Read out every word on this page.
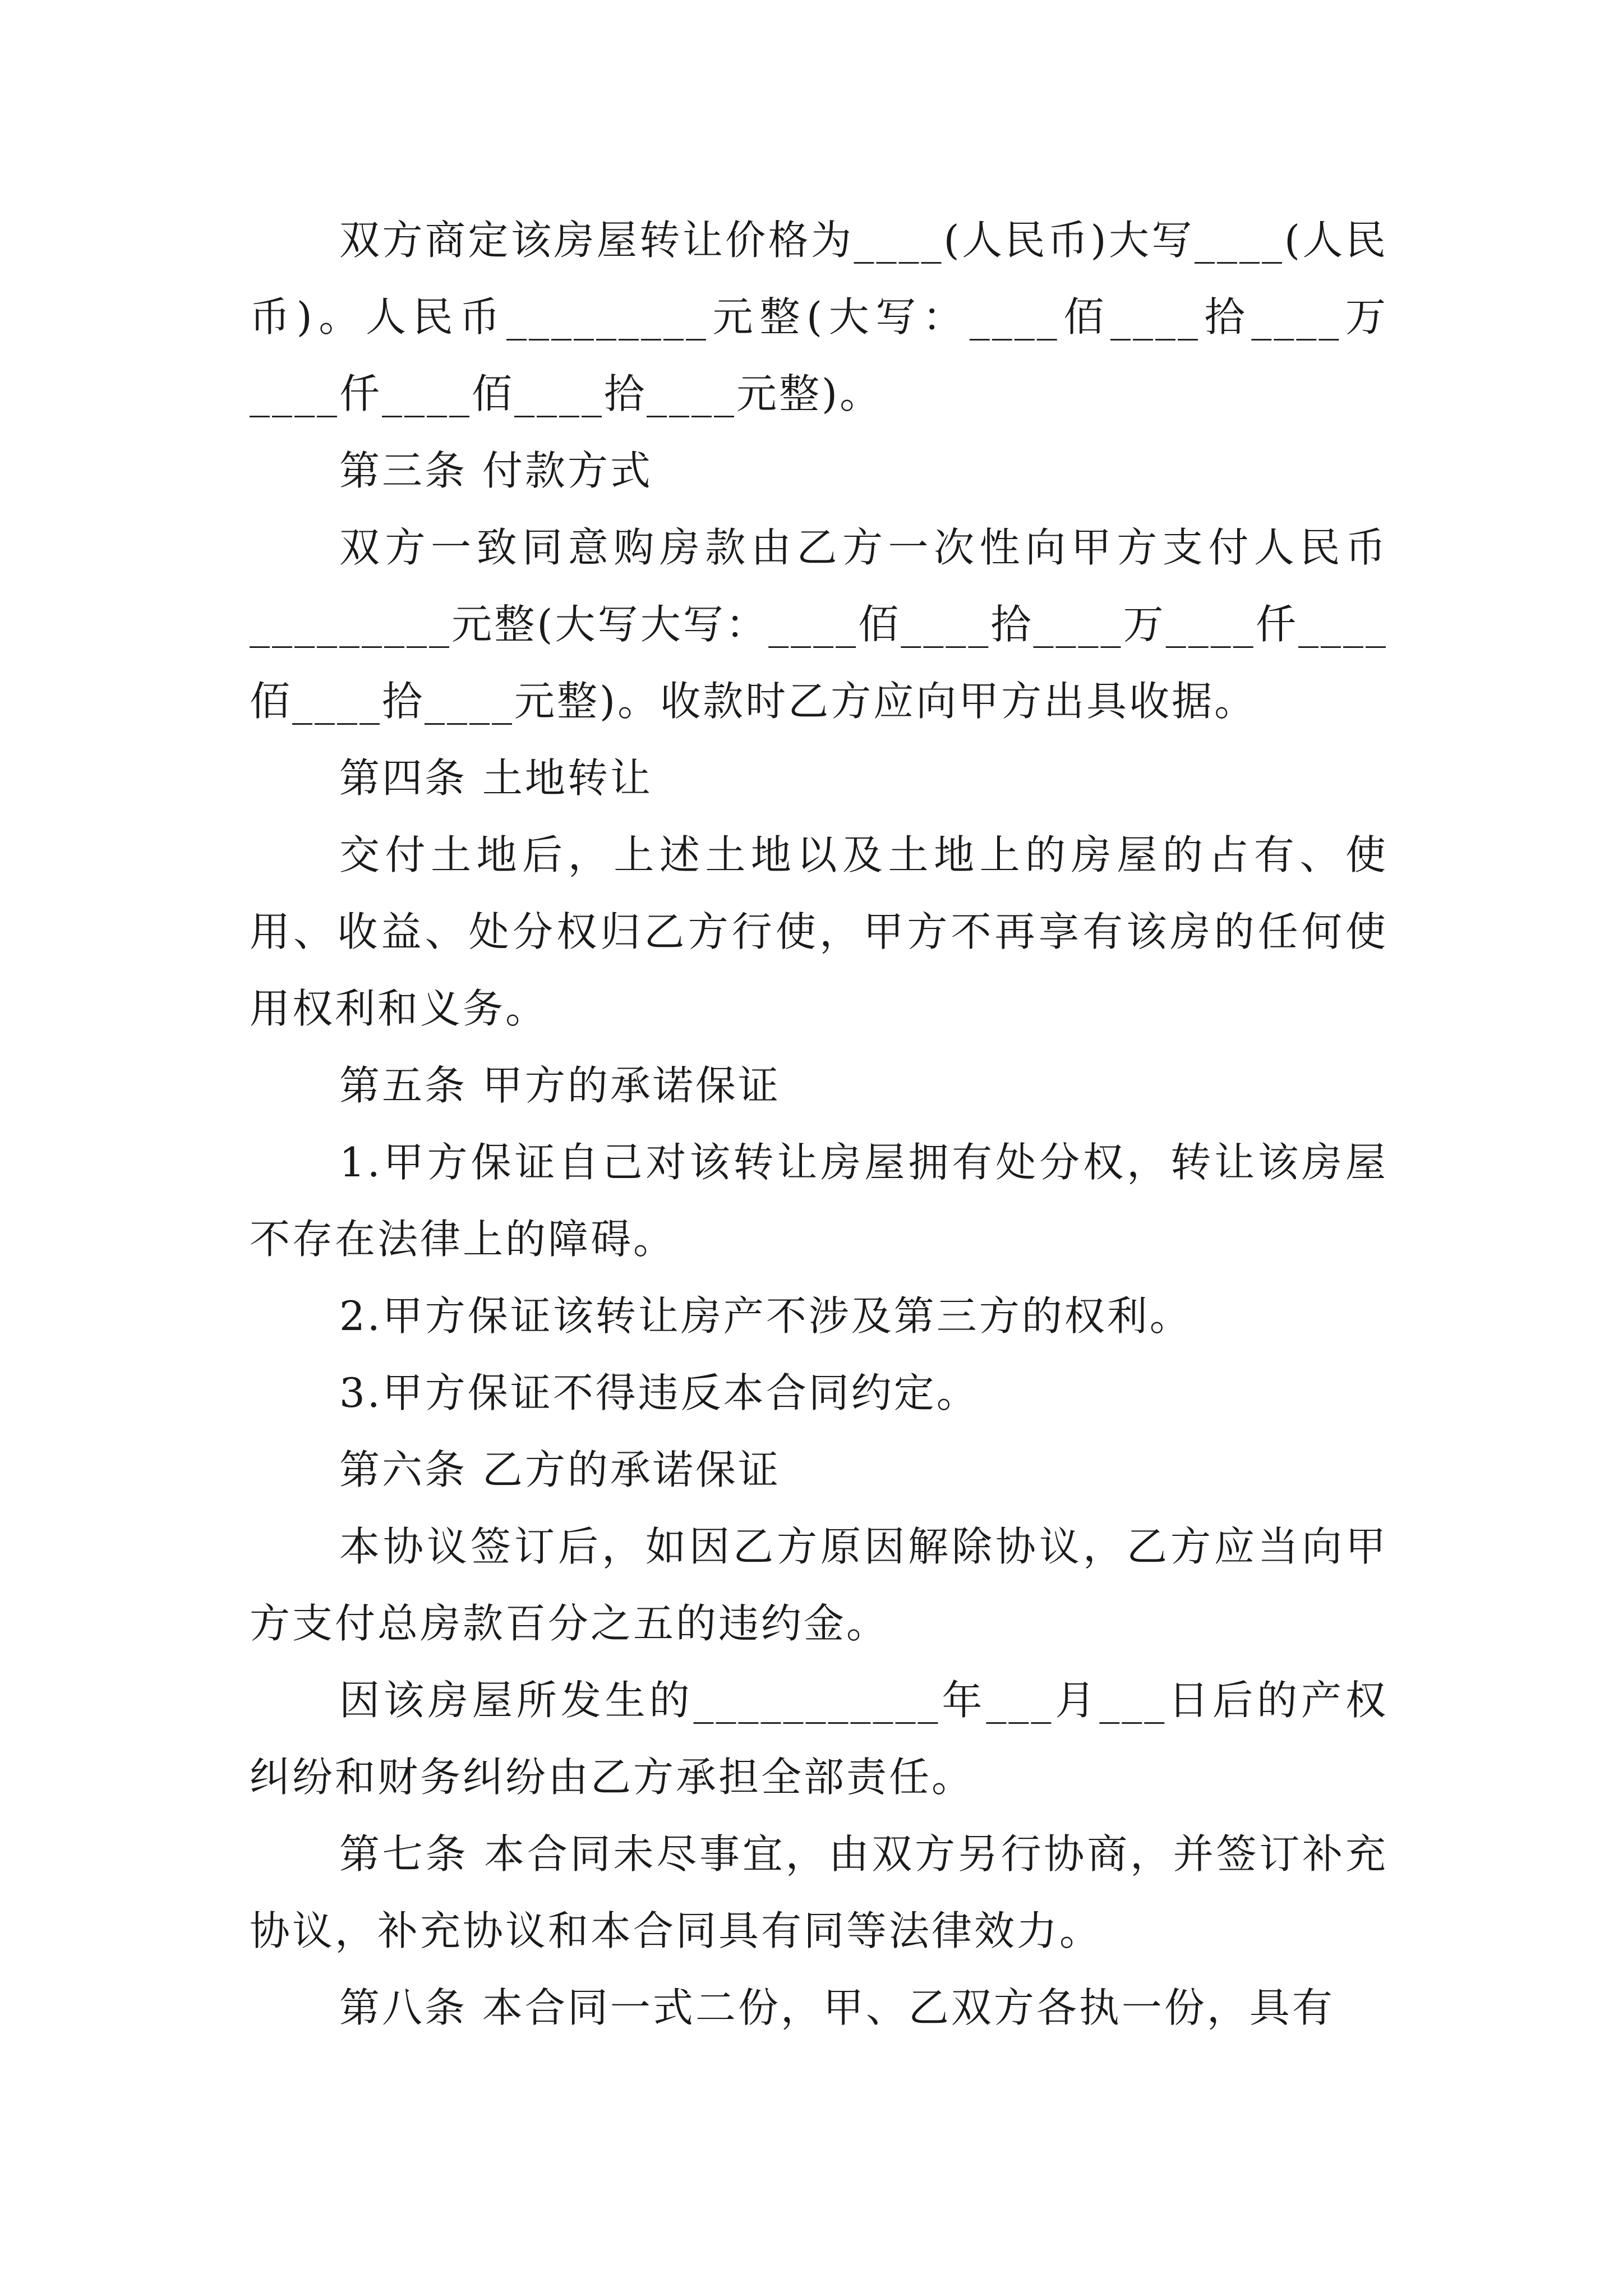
双方商定该房屋转让价格为____(人民币)大写____(人民币)。人民币_________元整(大写：____佰____拾____万____仟____佰____拾____元整)。

第三条 付款方式

双方一致同意购房款由乙方一次性向甲方支付人民币_________元整(大写大写：____佰____拾____万____仟____佰____拾____元整)。收款时乙方应向甲方出具收据。

第四条 土地转让

交付土地后，上述土地以及土地上的房屋的占有、使用、收益、处分权归乙方行使，甲方不再享有该房的任何使用权利和义务。

第五条 甲方的承诺保证

1.甲方保证自己对该转让房屋拥有处分权，转让该房屋不存在法律上的障碍。

2.甲方保证该转让房产不涉及第三方的权利。

3.甲方保证不得违反本合同约定。

第六条 乙方的承诺保证

本协议签订后，如因乙方原因解除协议，乙方应当向甲方支付总房款百分之五的违约金。

因该房屋所发生的___________年___月___日后的产权纠纷和财务纠纷由乙方承担全部责任。

第七条 本合同未尽事宜，由双方另行协商，并签订补充协议，补充协议和本合同具有同等法律效力。

第八条 本合同一式二份，甲、乙双方各执一份，具有
